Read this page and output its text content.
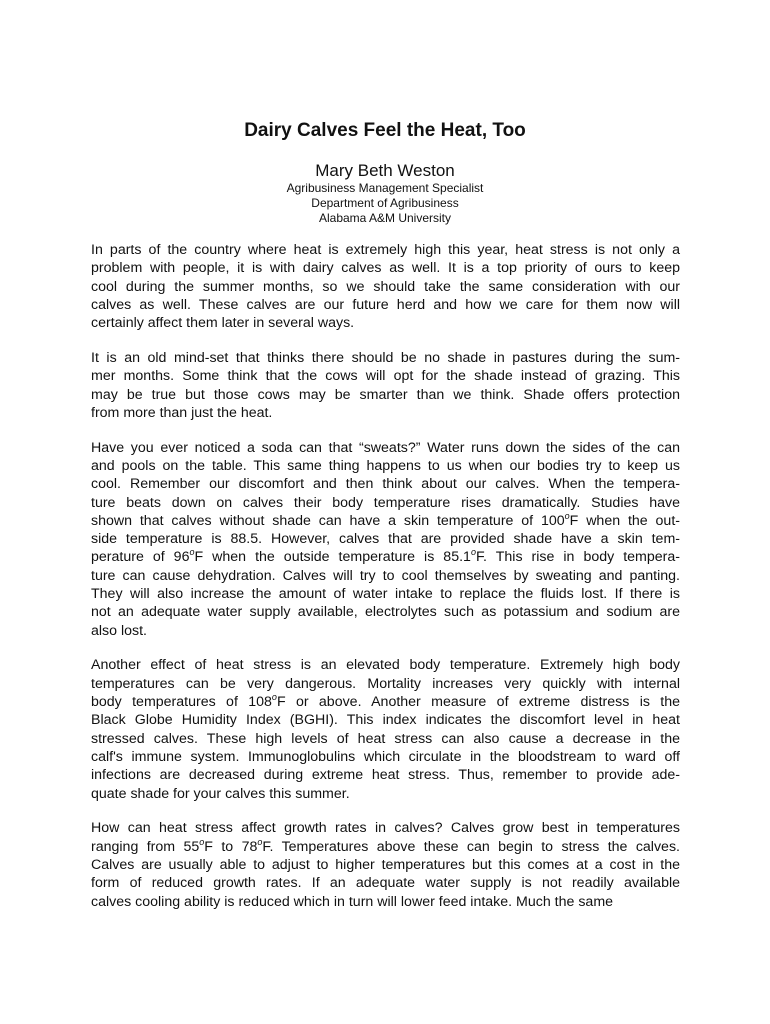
Dairy Calves Feel the Heat, Too
Mary Beth Weston
Agribusiness Management Specialist
Department of Agribusiness
Alabama A&M University
In parts of the country where heat is extremely high this year, heat stress is not only a
problem with people, it is with dairy calves as well. It is a top priority of ours to keep
cool during the summer months, so we should take the same consideration with our
calves as well. These calves are our future herd and how we care for them now will
certainly affect them later in several ways.
It is an old mind-set that thinks there should be no shade in pastures during the sum-
mer months. Some think that the cows will opt for the shade instead of grazing. This
may be true but those cows may be smarter than we think. Shade offers protection
from more than just the heat.
Have you ever noticed a soda can that “sweats?” Water runs down the sides of the can
and pools on the table. This same thing happens to us when our bodies try to keep us
cool. Remember our discomfort and then think about our calves. When the tempera-
ture beats down on calves their body temperature rises dramatically. Studies have
shown that calves without shade can have a skin temperature of 100$^o$F when the out-
side temperature is 88.5. However, calves that are provided shade have a skin tem-
perature of 96$^o$F when the outside temperature is 85.1$^o$F. This rise in body tempera-
ture can cause dehydration. Calves will try to cool themselves by sweating and panting.
They will also increase the amount of water intake to replace the fluids lost. If there is
not an adequate water supply available, electrolytes such as potassium and sodium are
also lost.
Another effect of heat stress is an elevated body temperature. Extremely high body
temperatures can be very dangerous. Mortality increases very quickly with internal
body temperatures of 108$^o$F or above. Another measure of extreme distress is the
Black Globe Humidity Index (BGHI). This index indicates the discomfort level in heat
stressed calves. These high levels of heat stress can also cause a decrease in the
calf's immune system. Immunoglobulins which circulate in the bloodstream to ward off
infections are decreased during extreme heat stress. Thus, remember to provide ade-
quate shade for your calves this summer.
How can heat stress affect growth rates in calves? Calves grow best in temperatures
ranging from 55$^o$F to 78$^o$F. Temperatures above these can begin to stress the calves.
Calves are usually able to adjust to higher temperatures but this comes at a cost in the
form of reduced growth rates. If an adequate water supply is not readily available
calves cooling ability is reduced which in turn will lower feed intake. Much the same
